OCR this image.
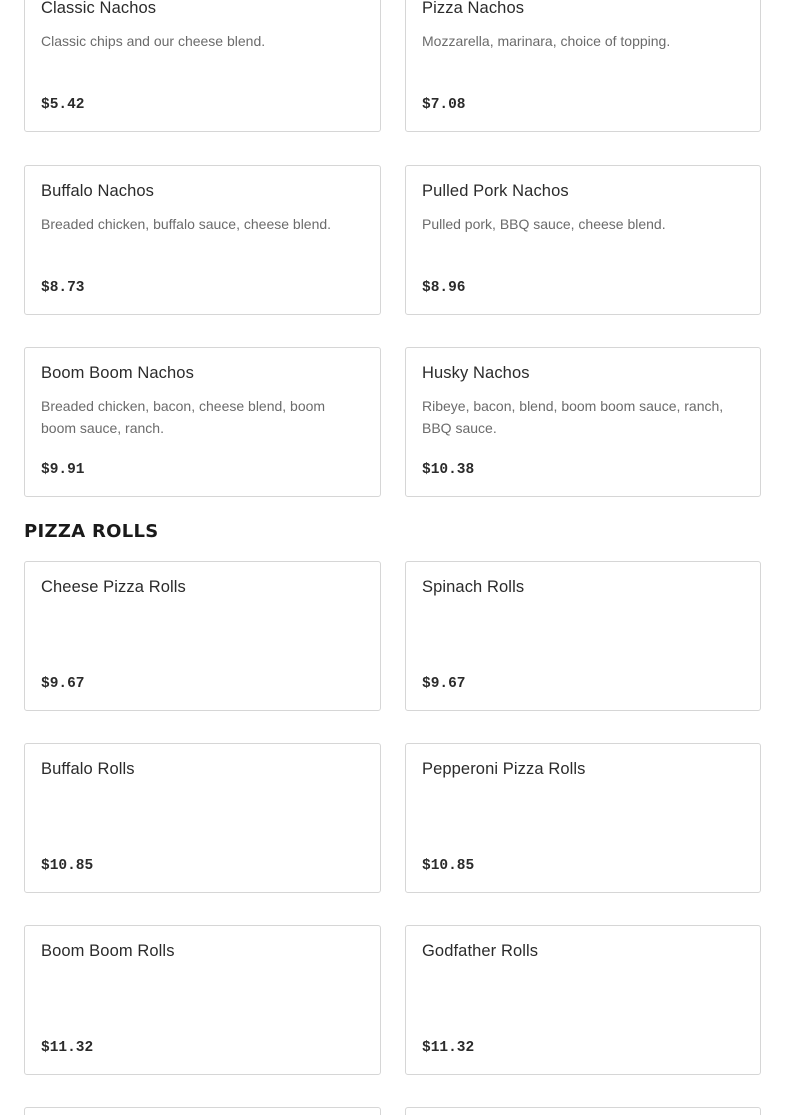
Classic Nachos
Classic chips and our cheese blend.
$5.42
Pizza Nachos
Mozzarella, marinara, choice of topping.
$7.08
Buffalo Nachos
Breaded chicken, buffalo sauce, cheese blend.
$8.73
Pulled Pork Nachos
Pulled pork, BBQ sauce, cheese blend.
$8.96
Boom Boom Nachos
Breaded chicken, bacon, cheese blend, boom boom sauce, ranch.
$9.91
Husky Nachos
Ribeye, bacon, blend, boom boom sauce, ranch, BBQ sauce.
$10.38
PIZZA ROLLS
Cheese Pizza Rolls
$9.67
Spinach Rolls
$9.67
Buffalo Rolls
$10.85
Pepperoni Pizza Rolls
$10.85
Boom Boom Rolls
$11.32
Godfather Rolls
$11.32
